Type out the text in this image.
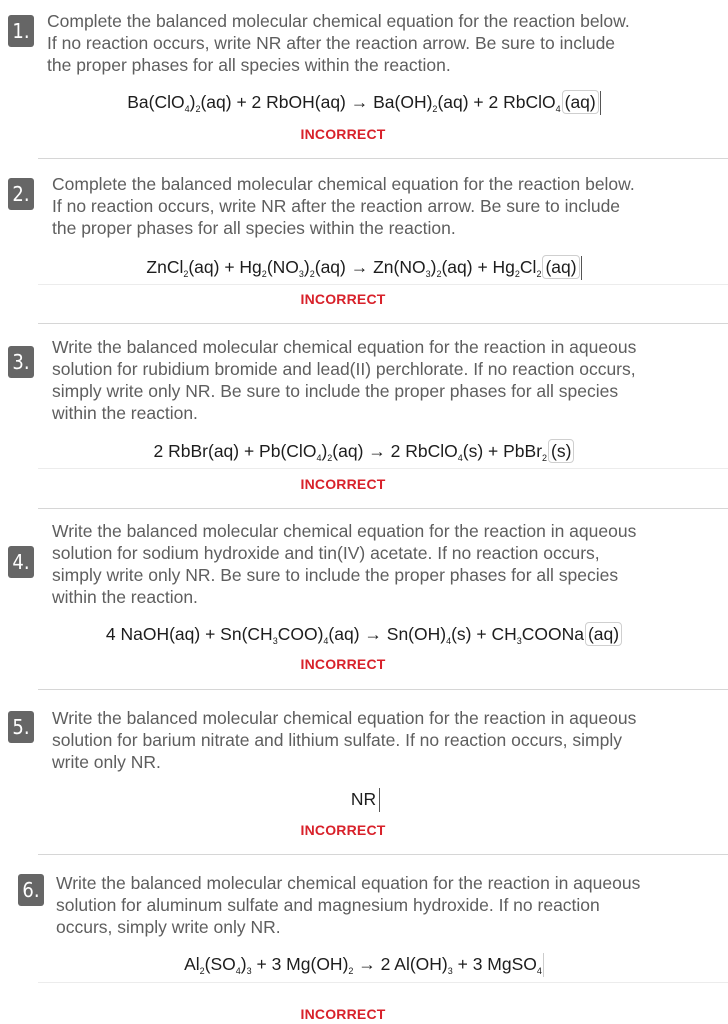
1. Complete the balanced molecular chemical equation for the reaction below.
If no reaction occurs, write NR after the reaction arrow. Be sure to include
the proper phases for all species within the reaction.
$Ba(ClO_4)_2(aq) + 2$ RbOH(aq) → $Ba(OH)_2(aq) + 2$ RbClO$_4$ (aq)
INCORRECT
2. Complete the balanced molecular chemical equation for the reaction below.
If no reaction occurs, write NR after the reaction arrow. Be sure to include
the proper phases for all species within the reaction.
ZnCl$_2$(aq) + $Hg_2(NO_3)_2(aq) \to Zn(NO_3)_2(aq) + Hg_2Cl_2$ (aq)
INCORRECT
3.
Write the balanced molecular chemical equation for the reaction in aqueous
solution for rubidium bromide and lead(II) perchlorate. If no reaction occurs,
simply write only NR. Be sure to include the proper phases for all species
within the reaction.
2 RbBr(aq) + $Pb(ClO_4)_2(aq) \to 2$ RbClO$_4$(s) + PbBr$_2$ (s)
INCORRECT
4.
Write the balanced molecular chemical equation for the reaction in aqueous
solution for sodium hydroxide and tin(IV) acetate. If no reaction occurs,
simply write only NR. Be sure to include the proper phases for all species
within the reaction.
4 NaOH(aq) + $Sn(CH_3COO)_4(aq) \to Sn(OH)_4(s)$ + $CH_3COONa$ (aq)
INCORRECT
5. Write the balanced molecular chemical equation for the reaction in aqueous
solution for barium nitrate and lithium sulfate. If no reaction occurs, simply
write only NR.
NR
INCORRECT
6. Write the balanced molecular chemical equation for the reaction in aqueous
solution for aluminum sulfate and magnesium hydroxide. If no reaction
occurs, simply write only NR.
$Al_2(SO_4)_3 + 3$ $Mg(OH)_2 \to 2$ $Al(OH)_3 + 3$ MgSO$_4$
INCORRECT
